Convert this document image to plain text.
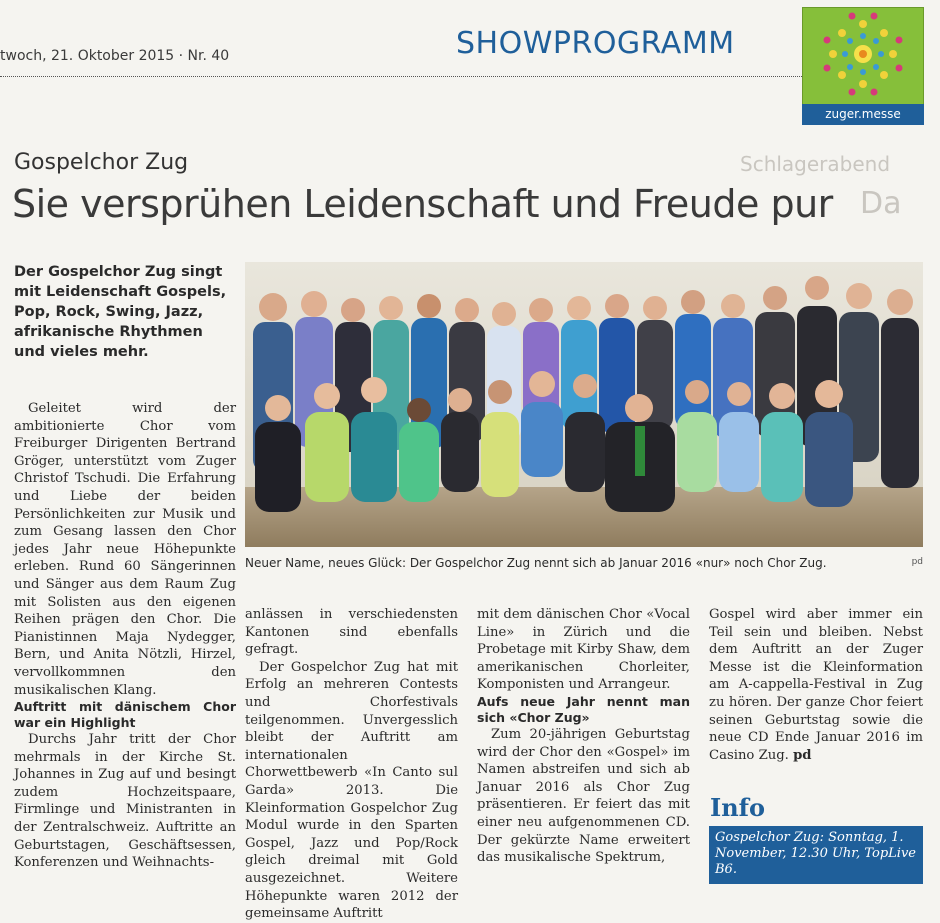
Schlagerabend
Da
twoch, 21. Oktober 2015 · Nr. 40	SHOWPROGRAMM
zuger.messe
Gospelchor Zug
Sie versprühen Leidenschaft und Freude pur
Der Gospelchor Zug singt mit Leidenschaft Gospels, Pop, Rock, Swing, Jazz, afrikanische Rhythmen und vieles mehr.
Neuer Name, neues Glück: Der Gospelchor Zug nennt sich ab Januar 2016 «nur» noch Chor Zug.	pd

Geleitet wird der ambitionierte Chor vom Freiburger Dirigenten Bertrand Gröger, unterstützt vom Zuger Christof Tschudi. Die Erfahrung und Liebe der beiden Persönlichkeiten zur Musik und zum Gesang lassen den Chor jedes Jahr neue Höhepunkte erleben. Rund 60 Sängerinnen und Sänger aus dem Raum Zug mit Solisten aus den eigenen Reihen prägen den Chor. Die Pianistinnen Maja Nydegger, Bern, und Anita Nötzli, Hirzel, vervollkommnen den musikalischen Klang.

Auftritt mit dänischem Chor war ein Highlight

Durchs Jahr tritt der Chor mehrmals in der Kirche St. Johannes in Zug auf und besingt zudem Hochzeitspaare, Firmlinge und Ministranten in der Zentralschweiz. Auftritte an Geburtstagen, Geschäftsessen, Konferenzen und Weihnachts-

anlässen in verschiedensten Kantonen sind ebenfalls gefragt.

Der Gospelchor Zug hat mit Erfolg an mehreren Contests und Chorfestivals teilgenommen. Unvergesslich bleibt der Auftritt am internationalen Chorwettbewerb «In Canto sul Garda» 2013. Die Kleinformation Gospelchor Zug Modul wurde in den Sparten Gospel, Jazz und Pop/Rock gleich dreimal mit Gold ausgezeichnet. Weitere Höhepunkte waren 2012 der gemeinsame Auftritt

mit dem dänischen Chor «Vocal Line» in Zürich und die Probetage mit Kirby Shaw, dem amerikanischen Chorleiter, Komponisten und Arrangeur.

Aufs neue Jahr nennt man sich «Chor Zug»

Zum 20-jährigen Geburtstag wird der Chor den «Gospel» im Namen abstreifen und sich ab Januar 2016 als Chor Zug präsentieren. Er feiert das mit einer neu aufgenommenen CD. Der gekürzte Name erweitert das musikalische Spektrum,

Gospel wird aber immer ein Teil sein und bleiben. Nebst dem Auftritt an der Zuger Messe ist die Kleinformation am A-cappella-Festival in Zug zu hören. Der ganze Chor feiert seinen Geburtstag sowie die neue CD Ende Januar 2016 im Casino Zug. pd

Info
Gospelchor Zug: Sonntag, 1. November, 12.30 Uhr, TopLive B6.
